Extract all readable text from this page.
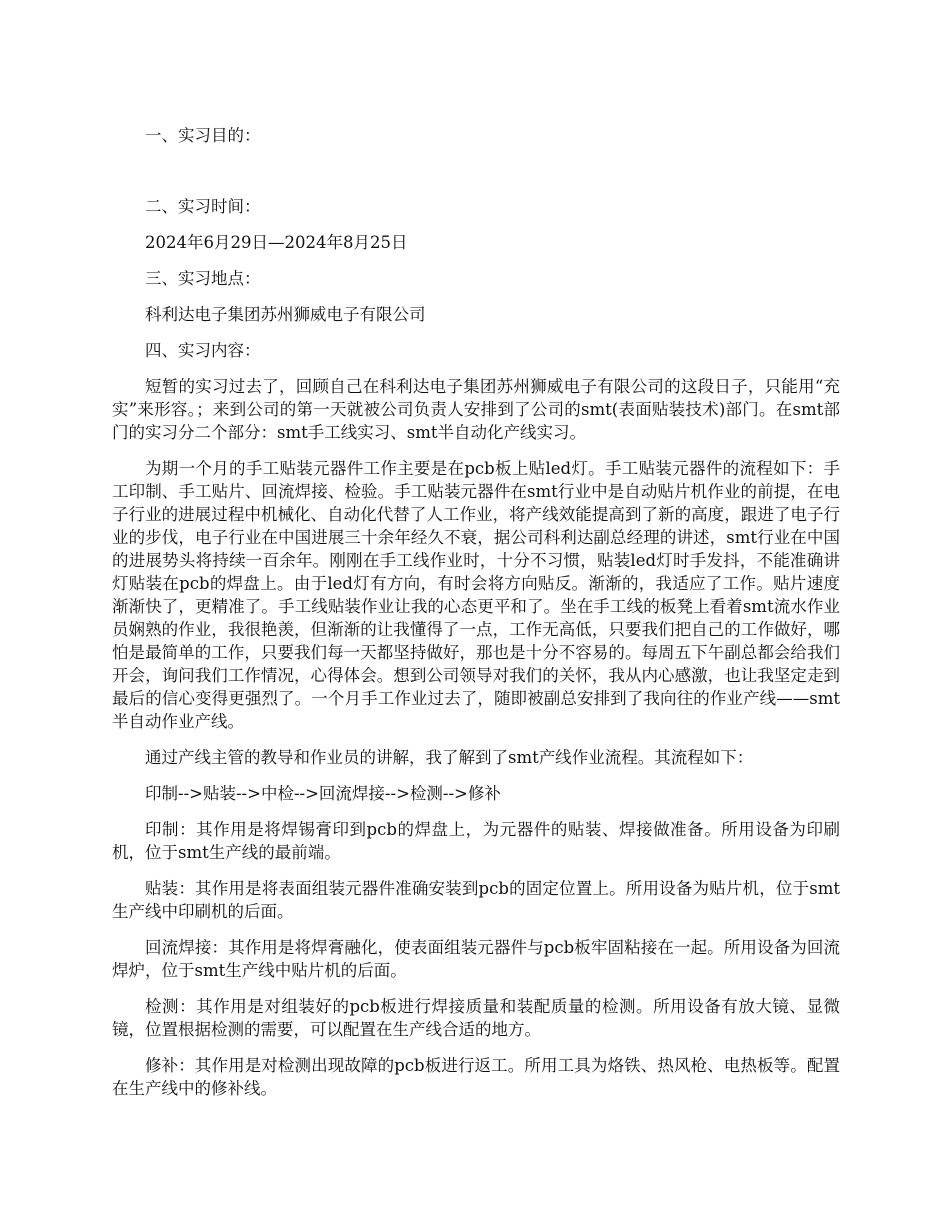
一、实习目的：

二、实习时间：

2024年6月29日—2024年8月25日

三、实习地点：

科利达电子集团苏州狮威电子有限公司

四、实习内容：

短暂的实习过去了，回顾自己在科利达电子集团苏州狮威电子有限公司的这段日子，只能用“充实”来形容。；来到公司的第一天就被公司负责人安排到了公司的smt(表面贴装技术)部门。在smt部门的实习分二个部分：smt手工线实习、smt半自动化产线实习。

为期一个月的手工贴装元器件工作主要是在pcb板上贴led灯。手工贴装元器件的流程如下：手工印制、手工贴片、回流焊接、检验。手工贴装元器件在smt行业中是自动贴片机作业的前提，在电子行业的进展过程中机械化、自动化代替了人工作业，将产线效能提高到了新的高度，跟进了电子行业的步伐，电子行业在中国进展三十余年经久不衰，据公司科利达副总经理的讲述，smt行业在中国的进展势头将持续一百余年。刚刚在手工线作业时，十分不习惯，贴装led灯时手发抖，不能准确讲灯贴装在pcb的焊盘上。由于led灯有方向，有时会将方向贴反。渐渐的，我适应了工作。贴片速度渐渐快了，更精准了。手工线贴装作业让我的心态更平和了。坐在手工线的板凳上看着smt流水作业员娴熟的作业，我很艳羡，但渐渐的让我懂得了一点，工作无高低，只要我们把自己的工作做好，哪怕是最简单的工作，只要我们每一天都坚持做好，那也是十分不容易的。每周五下午副总都会给我们开会，询问我们工作情况，心得体会。想到公司领导对我们的关怀，我从内心感激，也让我坚定走到最后的信心变得更强烈了。一个月手工作业过去了，随即被副总安排到了我向往的作业产线——smt半自动作业产线。

通过产线主管的教导和作业员的讲解，我了解到了smt产线作业流程。其流程如下：

印制-->贴装-->中检-->回流焊接-->检测-->修补

印制：其作用是将焊锡膏印到pcb的焊盘上，为元器件的贴装、焊接做准备。所用设备为印刷机，位于smt生产线的最前端。

贴装：其作用是将表面组装元器件准确安装到pcb的固定位置上。所用设备为贴片机，位于smt生产线中印刷机的后面。

回流焊接：其作用是将焊膏融化，使表面组装元器件与pcb板牢固粘接在一起。所用设备为回流焊炉，位于smt生产线中贴片机的后面。

检测：其作用是对组装好的pcb板进行焊接质量和装配质量的检测。所用设备有放大镜、显微镜，位置根据检测的需要，可以配置在生产线合适的地方。

修补：其作用是对检测出现故障的pcb板进行返工。所用工具为烙铁、热风枪、电热板等。配置在生产线中的修补线。
